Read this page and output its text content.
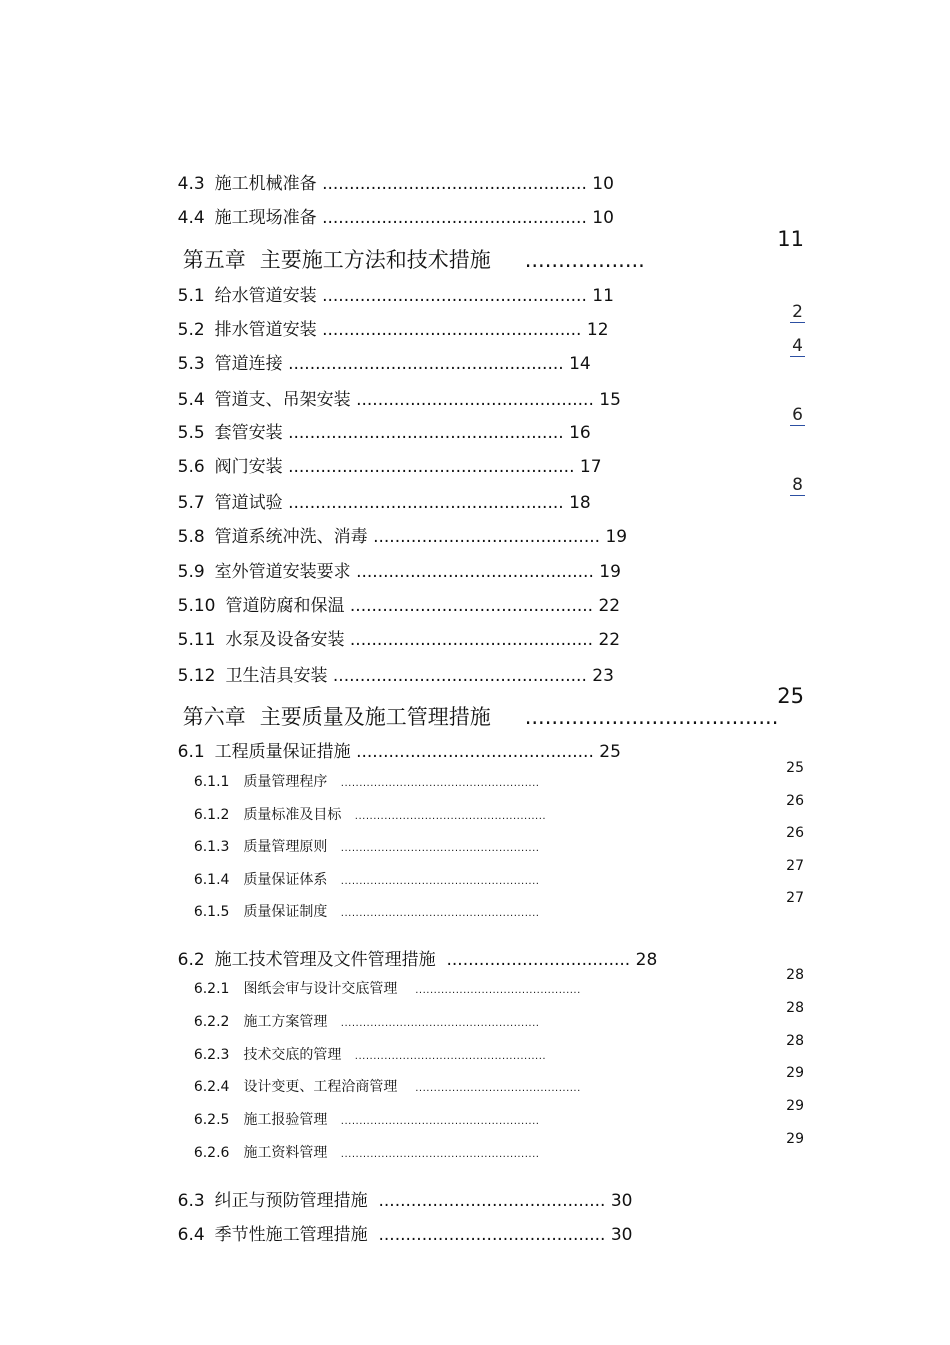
4.3 施工机械准备 ................................................. 10

4.4 施工现场准备 ................................................. 10

第五章 主要施工方法和技术措施 ..................

11

5.1 给水管道安装 ................................................. 11

5.2 排水管道安装 ................................................ 12

2

5.3 管道连接 ................................................... 14

4

5.4 管道支、吊架安装 ............................................ 15

5.5 套管安装 ................................................... 16

6

5.6 阀门安装 ..................................................... 17

5.7 管道试验 ................................................... 18

8

5.8 管道系统冲洗、消毒 .......................................... 19

5.9 室外管道安装要求 ............................................ 19

5.10 管道防腐和保温 ............................................. 22

5.11 水泵及设备安装 ............................................. 22

5.12 卫生洁具安装 ............................................... 23

第六章 主要质量及施工管理措施 ......................................

25

6.1 工程质量保证措施 ............................................ 25

6.1.1 质量管理程序 ......................................................

25

6.1.2 质量标准及目标 ....................................................

26

6.1.3 质量管理原则 ......................................................

26

6.1.4 质量保证体系 ......................................................

27

6.1.5 质量保证制度 ......................................................

27

6.2 施工技术管理及文件管理措施 .................................. 28

6.2.1 图纸会审与设计交底管理 .............................................

28

6.2.2 施工方案管理 ......................................................

28

6.2.3 技术交底的管理 ....................................................

28

6.2.4 设计变更、工程洽商管理 .............................................

29

6.2.5 施工报验管理 ......................................................

29

6.2.6 施工资料管理 ......................................................

29

6.3 纠正与预防管理措施 .......................................... 30

6.4 季节性施工管理措施 .......................................... 30
